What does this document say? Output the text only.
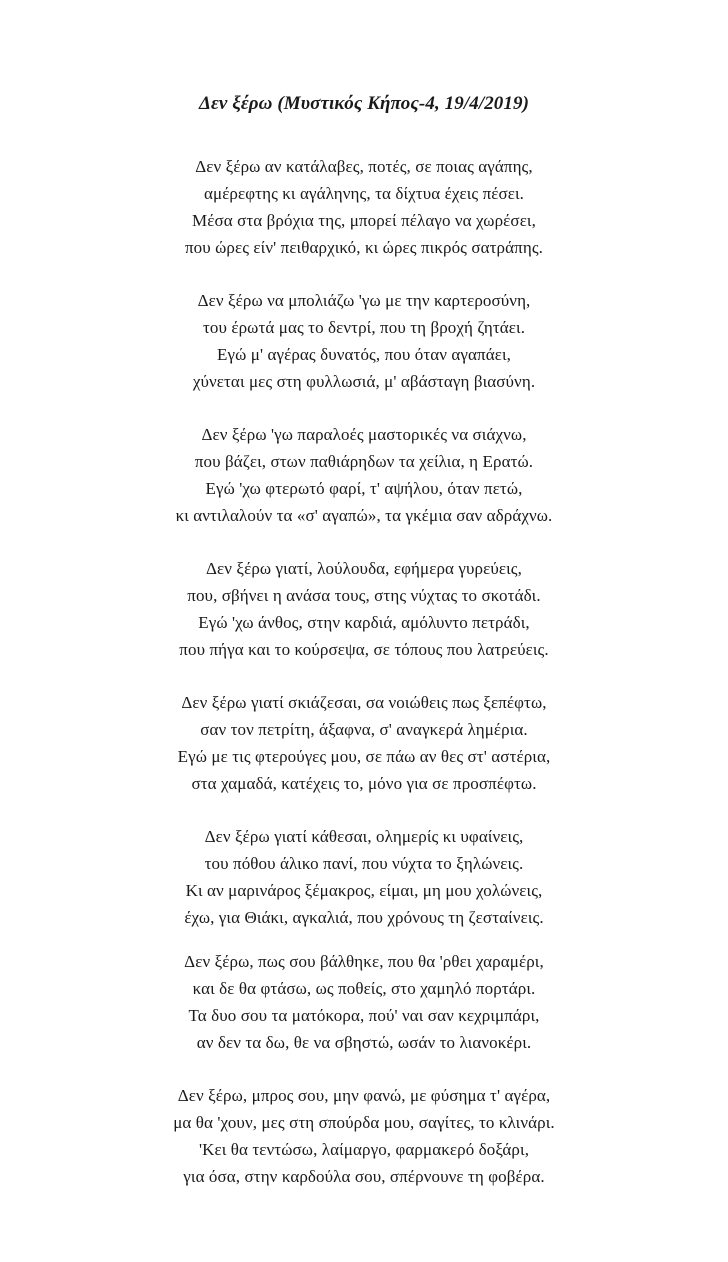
Δεν ξέρω (Μυστικός Κήπος-4, 19/4/2019)
Δεν ξέρω αν κατάλαβες, ποτές, σε ποιας αγάπης,
αμέρεφτης κι αγάληνης, τα δίχτυα έχεις πέσει.
Μέσα στα βρόχια της, μπορεί πέλαγο να χωρέσει,
που ώρες είν' πειθαρχικό, κι ώρες πικρός σατράπης.
Δεν ξέρω να μπολιάζω 'γω με την καρτεροσύνη,
του έρωτά μας το δεντρί, που τη βροχή ζητάει.
Εγώ μ' αγέρας δυνατός, που όταν αγαπάει,
χύνεται μες στη φυλλωσιά, μ' αβάσταγη βιασύνη.
Δεν ξέρω 'γω παραλοές μαστορικές να σιάχνω,
που βάζει, στων παθιάρηδων τα χείλια, η Ερατώ.
Εγώ 'χω φτερωτό φαρί, τ' αψήλου, όταν πετώ,
κι αντιλαλούν τα «σ' αγαπώ», τα γκέμια σαν αδράχνω.
Δεν ξέρω γιατί, λούλουδα, εφήμερα γυρεύεις,
που, σβήνει η ανάσα τους, στης νύχτας το σκοτάδι.
Εγώ 'χω άνθος, στην καρδιά, αμόλυντο πετράδι,
που πήγα και το κούρσεψα, σε τόπους που λατρεύεις.
Δεν ξέρω γιατί σκιάζεσαι, σα νοιώθεις πως ξεπέφτω,
σαν τον πετρίτη, άξαφνα, σ' αναγκερά λημέρια.
Εγώ με τις φτερούγες μου, σε πάω αν θες στ' αστέρια,
στα χαμαδά, κατέχεις το, μόνο για σε προσπέφτω.
Δεν ξέρω γιατί κάθεσαι, ολημερίς κι υφαίνεις,
του πόθου άλικο πανί, που νύχτα το ξηλώνεις.
Κι αν μαρινάρος ξέμακρος, είμαι, μη μου χολώνεις,
έχω, για Θιάκι, αγκαλιά, που χρόνους τη ζεσταίνεις.
Δεν ξέρω, πως σου βάλθηκε, που θα 'ρθει χαραμέρι,
και δε θα φτάσω, ως ποθείς, στο χαμηλό πορτάρι.
Τα δυο σου τα ματόκορα, πού' ναι σαν κεχριμπάρι,
αν δεν τα δω, θε να σβηστώ, ωσάν το λιανοκέρι.
Δεν ξέρω, μπρος σου, μην φανώ, με φύσημα τ' αγέρα,
μα θα 'χουν, μες στη σπούρδα μου, σαγίτες, το κλινάρι.
'Κει θα τεντώσω, λαίμαργο, φαρμακερό δοξάρι,
για όσα, στην καρδούλα σου, σπέρνουνε τη φοβέρα.
